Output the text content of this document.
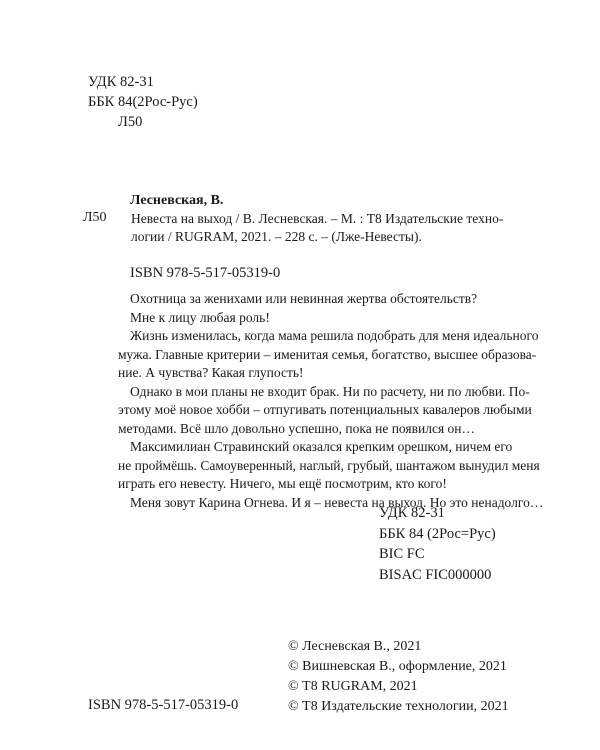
УДК 82-31
ББК 84(2Рос-Рус)
Л50
Лесневская, В.
Л50 Невеста на выход / В. Лесневская. – М. : Т8 Издательские техно-
логии / RUGRAM, 2021. – 228 с. – (Лже-Невесты).
ISBN 978-5-517-05319-0
Охотница за женихами или невинная жертва обстоятельств?
Мне к лицу любая роль!
Жизнь изменилась, когда мама решила подобрать для меня идеального
мужа. Главные критерии – именитая семья, богатство, высшее образова-
ние. А чувства? Какая глупость!
Однако в мои планы не входит брак. Ни по расчету, ни по любви. По-
этому моё новое хобби – отпугивать потенциальных кавалеров любыми
методами. Всё шло довольно успешно, пока не появился он…
Максимилиан Стравинский оказался крепким орешком, ничем его
не проймёшь. Самоуверенный, наглый, грубый, шантажом вынудил меня
играть его невесту. Ничего, мы ещё посмотрим, кто кого!
Меня зовут Карина Огнева. И я – невеста на выход. Но это ненадолго…
УДК 82-31
ББК 84 (2Рос=Рус)
BIC FC
BISAC FIC000000
© Лесневская В., 2021
© Вишневская В., оформление, 2021
© Т8 RUGRAM, 2021
© Т8 Издательские технологии, 2021
ISBN 978-5-517-05319-0
